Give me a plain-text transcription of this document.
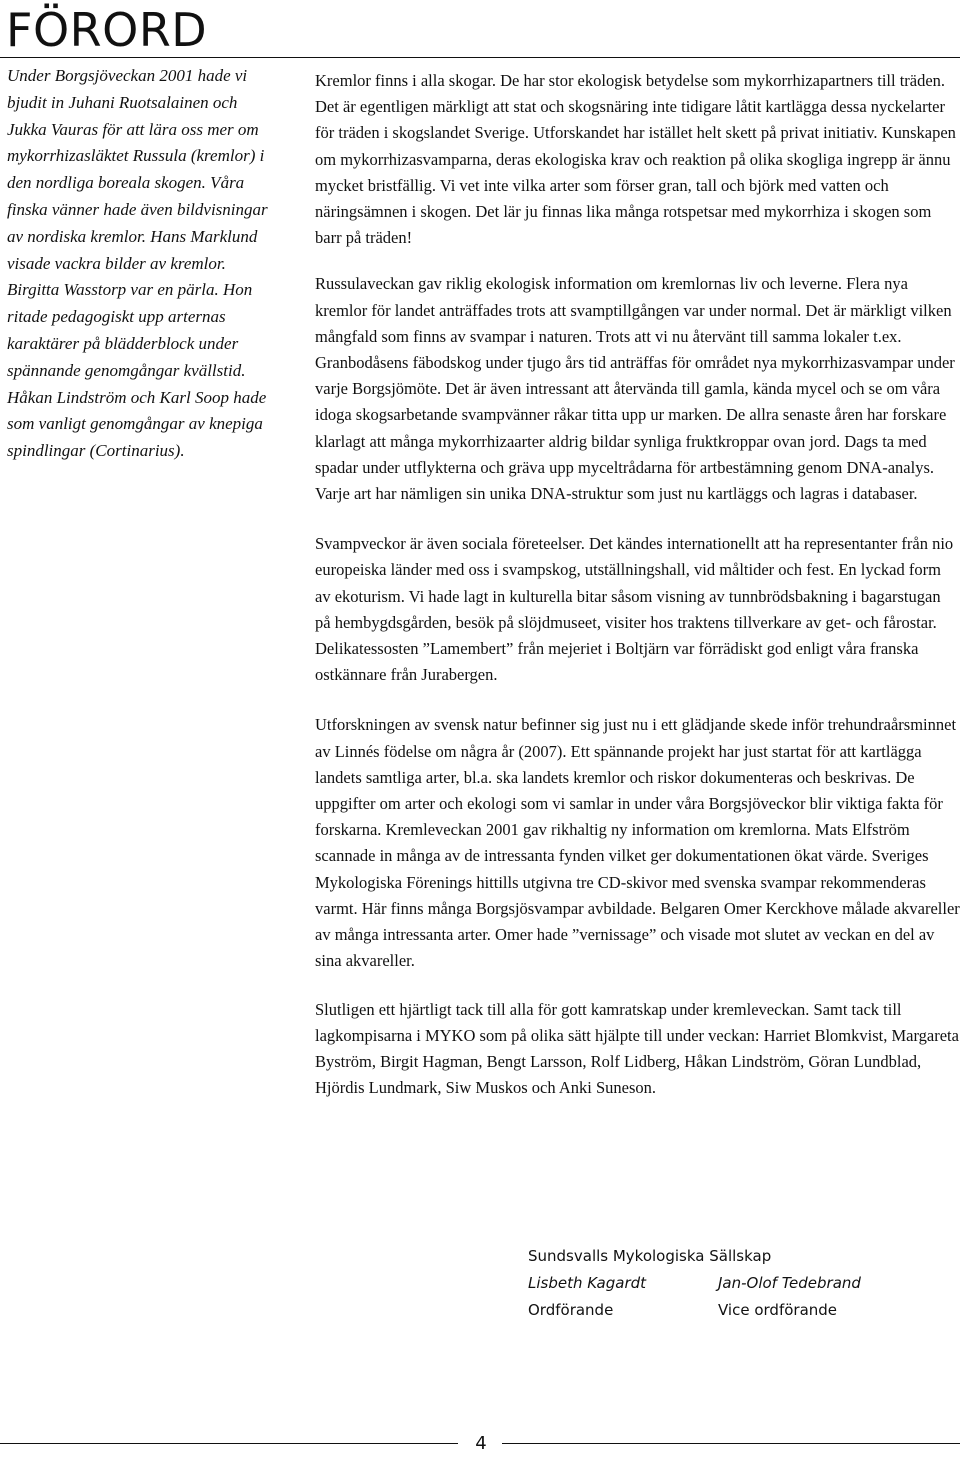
FÖRORD

Under Borgsjöveckan 2001 hade vi bjudit in Juhani Ruotsalainen och Jukka Vauras för att lära oss mer om mykorrhizasläktet Russula (kremlor) i den nordliga boreala skogen. Våra finska vänner hade även bildvisningar av nordiska kremlor. Hans Marklund visade vackra bilder av kremlor. Birgitta Wasstorp var en pärla. Hon ritade pedagogiskt upp arternas karaktärer på blädderblock under spännande genomgångar kvällstid. Håkan Lindström och Karl Soop hade som vanligt genomgångar av knepiga spindlingar (Cortinarius).

Kremlor finns i alla skogar. De har stor ekologisk betydelse som mykorrhizapartners till träden. Det är egentligen märkligt att stat och skogsnäring inte tidigare låtit kartlägga dessa nyckelarter för träden i skogslandet Sverige. Utforskandet har istället helt skett på privat initiativ. Kunskapen om mykorrhizasvamparna, deras ekologiska krav och reaktion på olika skogliga ingrepp är ännu mycket bristfällig. Vi vet inte vilka arter som förser gran, tall och björk med vatten och näringsämnen i skogen. Det lär ju finnas lika många rotspetsar med mykorrhiza i skogen som barr på träden!

Russulaveckan gav riklig ekologisk information om kremlornas liv och leverne. Flera nya kremlor för landet anträffades trots att svamptillgången var under normal. Det är märkligt vilken mångfald som finns av svampar i naturen. Trots att vi nu återvänt till samma lokaler t.ex. Granbodåsens fäbodskog under tjugo års tid anträffas för området nya mykorrhizasvampar under varje Borgsjömöte. Det är även intressant att återvända till gamla, kända mycel och se om våra idoga skogsarbetande svampvänner råkar titta upp ur marken. De allra senaste åren har forskare klarlagt att många mykorrhizaarter aldrig bildar synliga fruktkroppar ovan jord. Dags ta med spadar under utflykterna och gräva upp myceltrådarna för artbestämning genom DNA-analys. Varje art har nämligen sin unika DNA-struktur som just nu kartläggs och lagras i databaser.

Svampveckor är även sociala företeelser. Det kändes internationellt att ha representanter från nio europeiska länder med oss i svampskog, utställningshall, vid måltider och fest. En lyckad form av ekoturism. Vi hade lagt in kulturella bitar såsom visning av tunnbrödsbakning i bagarstugan på hembygdsgården, besök på slöjdmuseet, visiter hos traktens tillverkare av get- och fårostar. Delikatessosten ”Lamembert” från mejeriet i Boltjärn var förrädiskt god enligt våra franska ostkännare från Jurabergen.

Utforskningen av svensk natur befinner sig just nu i ett glädjande skede inför trehundraårsminnet av Linnés födelse om några år (2007). Ett spännande projekt har just startat för att kartlägga landets samtliga arter, bl.a. ska landets kremlor och riskor dokumenteras och beskrivas. De uppgifter om arter och ekologi som vi samlar in under våra Borgsjöveckor blir viktiga fakta för forskarna. Kremleveckan 2001 gav rikhaltig ny information om kremlorna. Mats Elfström scannade in många av de intressanta fynden vilket ger dokumentationen ökat värde. Sveriges Mykologiska Förenings hittills utgivna tre CD-skivor med svenska svampar rekommenderas varmt. Här finns många Borgsjösvampar avbildade. Belgaren Omer Kerckhove målade akvareller av många intressanta arter. Omer hade ”vernissage” och visade mot slutet av veckan en del av sina akvareller.

Slutligen ett hjärtligt tack till alla för gott kamratskap under kremleveckan. Samt tack till lagkompisarna i MYKO som på olika sätt hjälpte till under veckan: Harriet Blomkvist, Margareta Byström, Birgit Hagman, Bengt Larsson, Rolf Lidberg, Håkan Lindström, Göran Lundblad, Hjördis Lundmark, Siw Muskos och Anki Suneson.

Sundsvalls Mykologiska Sällskap
Lisbeth Kagardt	Jan-Olof Tedebrand
Ordförande	Vice ordförande
4
